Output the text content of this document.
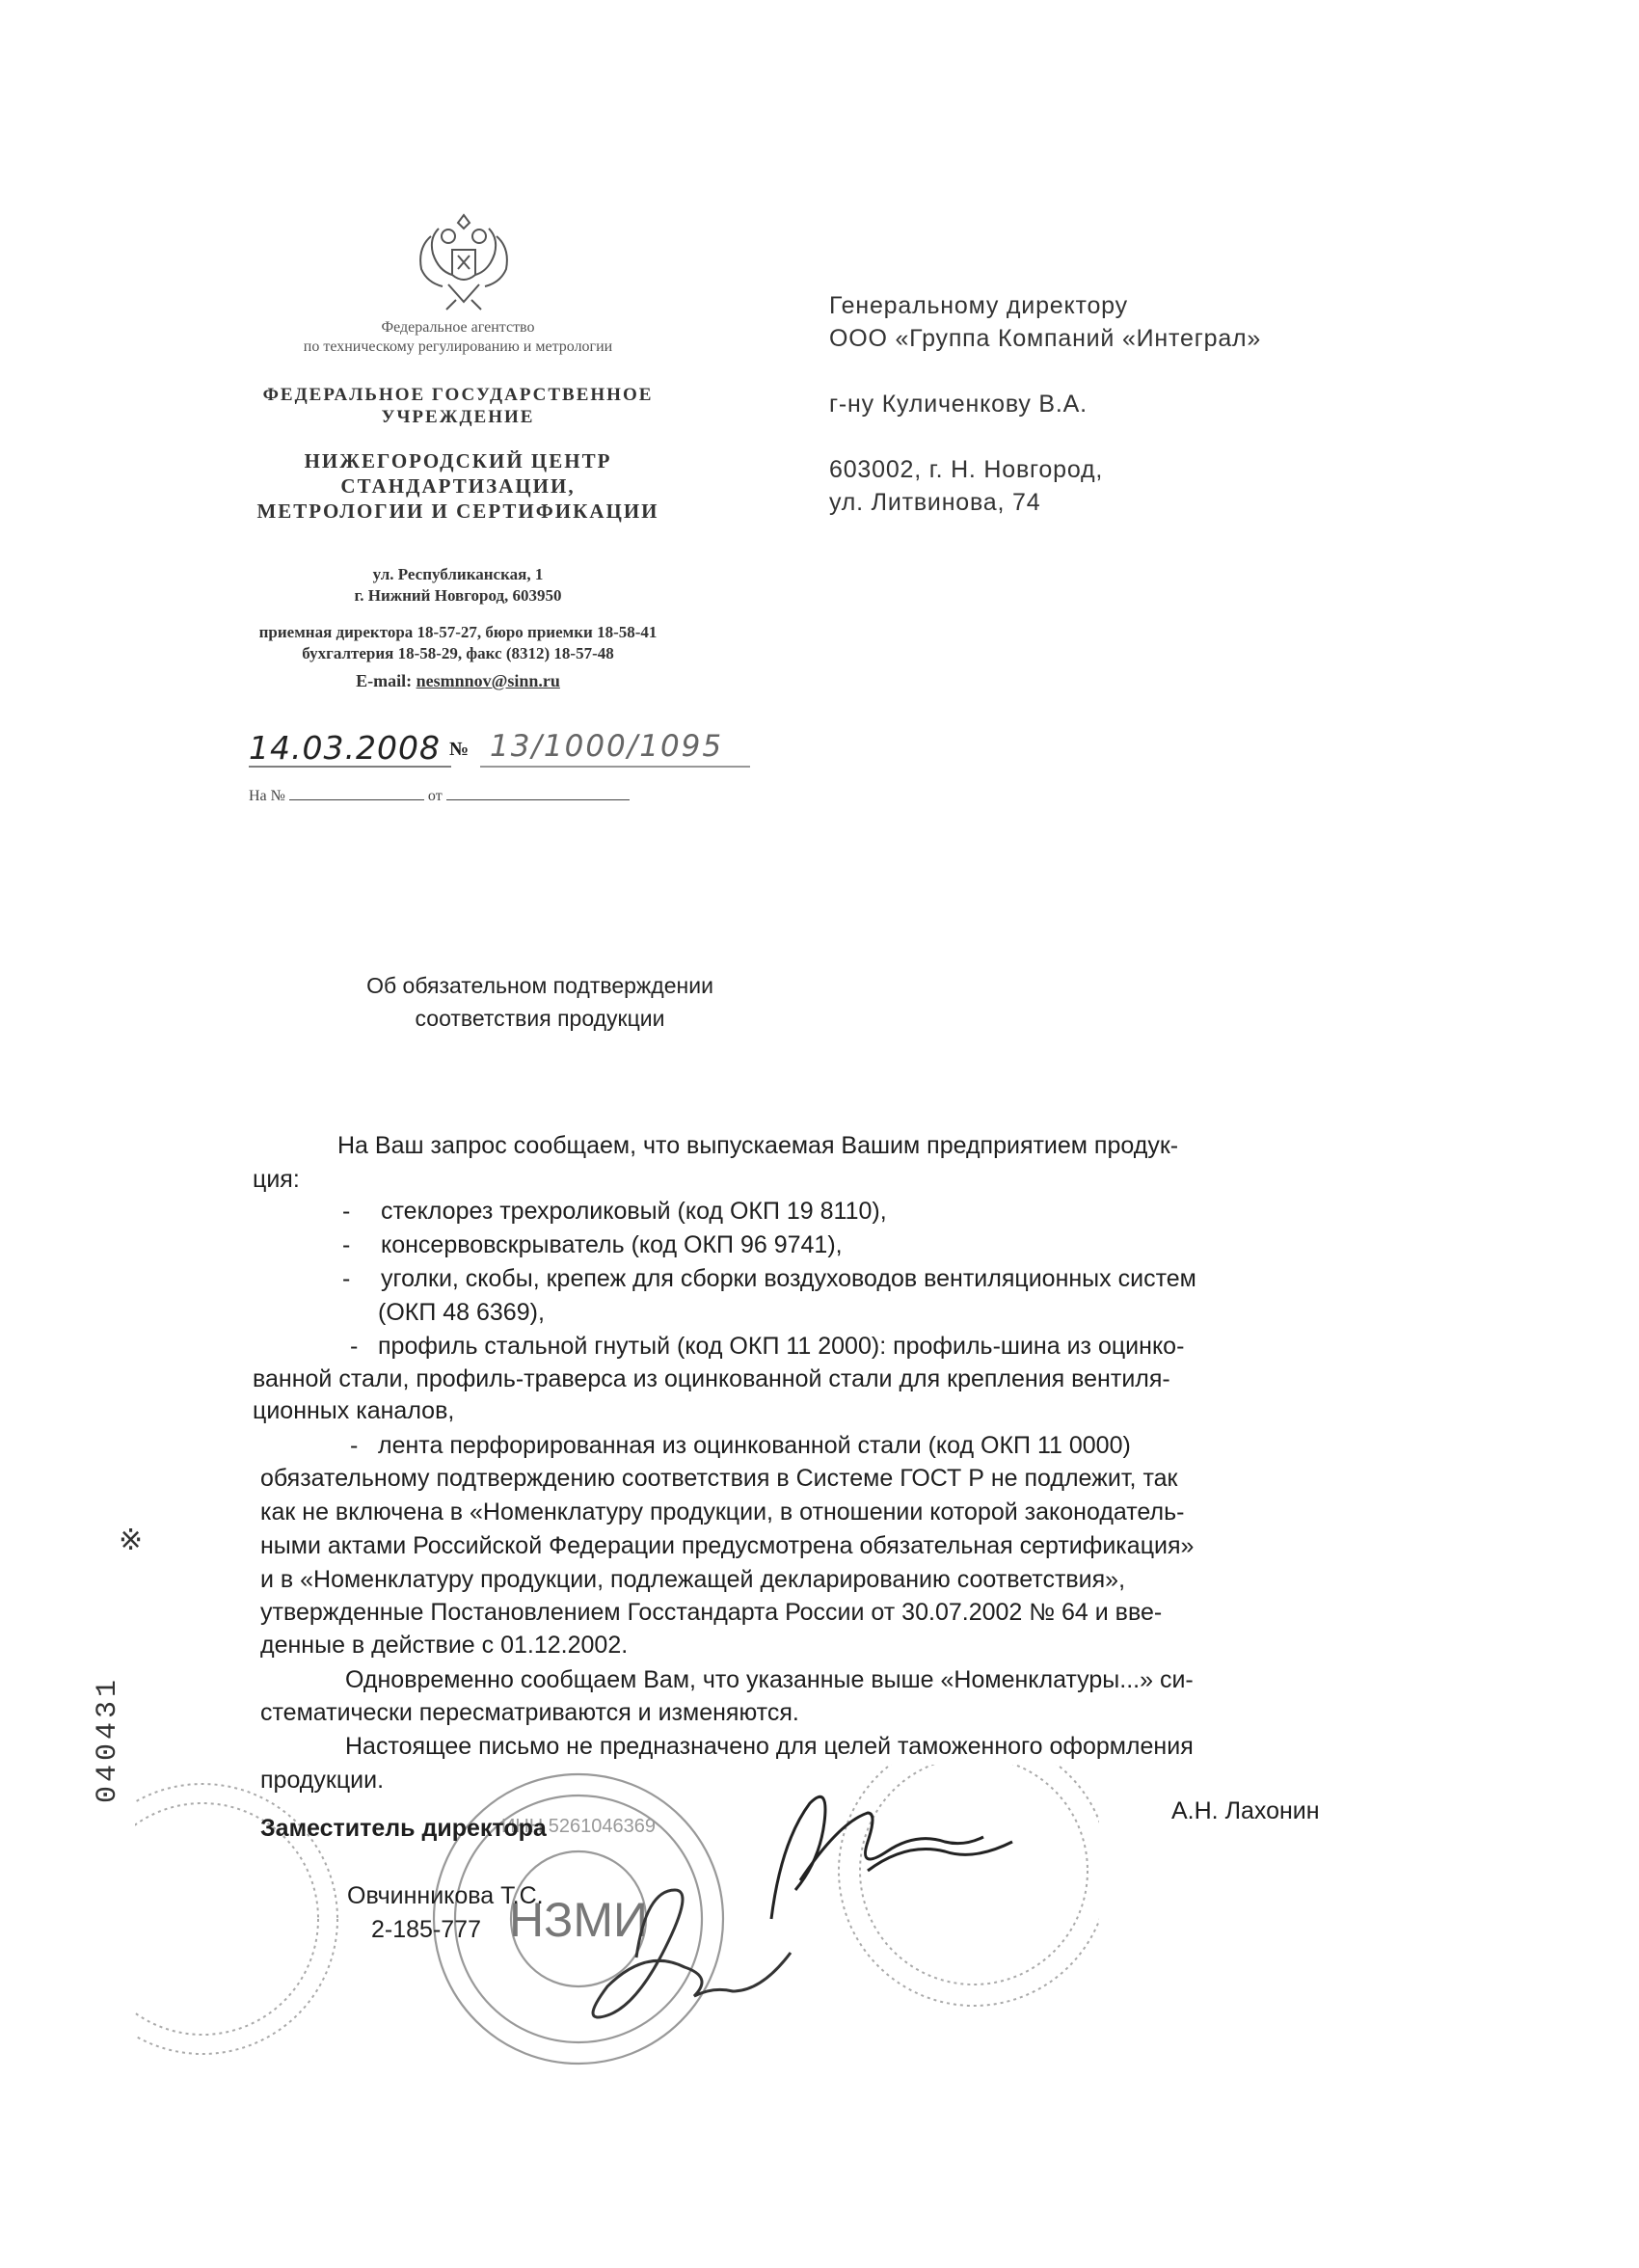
Федеральное агентство
по техническому регулированию и метрологии
ФЕДЕРАЛЬНОЕ ГОСУДАРСТВЕННОЕ
УЧРЕЖДЕНИЕ
НИЖЕГОРОДСКИЙ ЦЕНТР
СТАНДАРТИЗАЦИИ,
МЕТРОЛОГИИ И СЕРТИФИКАЦИИ
ул. Республиканская, 1
г. Нижний Новгород, 603950
приемная директора 18-57-27, бюро приемки 18-58-41
бухгалтерия 18-58-29, факс (8312) 18-57-48
E-mail: nesmnnov@sinn.ru
14.03.2008 № 13/1000/1095
На №	от
Генеральному директору
ООО «Группа Компаний «Интеграл»
г-ну Куличенкову В.А.
603002, г. Н. Новгород,
ул. Литвинова, 74
Об обязательном подтверждении
соответствия продукции
На Ваш запрос сообщаем, что выпускаемая Вашим предприятием продук-
ция:
- стеклорез трехроликовый (код ОКП 19 8110),
- консервовскрыватель (код ОКП 96 9741),
- уголки, скобы, крепеж для сборки воздуховодов вентиляционных систем
(ОКП 48 6369),
- профиль стальной гнутый (код ОКП 11 2000): профиль-шина из оцинко-
ванной стали, профиль-траверса из оцинкованной стали для крепления вентиля-
ционных каналов,
- лента перфорированная из оцинкованной стали (код ОКП 11 0000)
обязательному подтверждению соответствия в Системе ГОСТ Р не подлежит, так
как не включена в «Номенклатуру продукции, в отношении которой законодатель-
ными актами Российской Федерации предусмотрена обязательная сертификация»
и в «Номенклатуру продукции, подлежащей декларированию соответствия»,
утвержденные Постановлением Госстандарта России от 30.07.2002 № 64 и вве-
денные в действие с 01.12.2002.
Одновременно сообщаем Вам, что указанные выше «Номенклатуры...» си-
стематически пересматриваются и изменяются.
Настоящее письмо не предназначено для целей таможенного оформления
продукции.
НЗМИ
ИНН 5261046369
Заместитель директора
А.Н. Лахонин
Овчинникова Т.С.
2-185-777
※
040431
